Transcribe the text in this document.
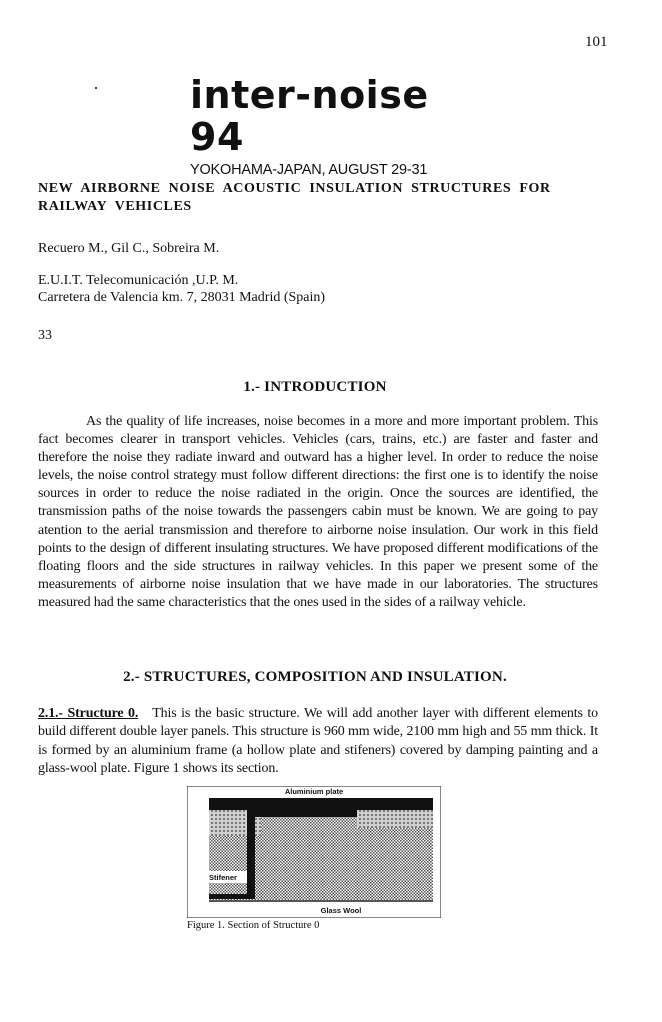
101
inter-noise 94
YOKOHAMA-JAPAN, AUGUST 29-31
NEW AIRBORNE NOISE ACOUSTIC INSULATION STRUCTURES FOR RAILWAY VEHICLES
Recuero M., Gil C., Sobreira M.
E.U.I.T. Telecomunicación ,U.P. M.
Carretera de Valencia km. 7, 28031 Madrid (Spain)
33
1.- INTRODUCTION
As the quality of life increases, noise becomes in a more and more important problem. This fact becomes clearer in transport vehicles. Vehicles (cars, trains, etc.) are faster and faster and therefore the noise they radiate inward and outward has a higher level. In order to reduce the noise levels, the noise control strategy must follow different directions: the first one is to identify the noise sources in order to reduce the noise radiated in the origin. Once the sources are identified, the transmission paths of the noise towards the passengers cabin must be known. We are going to pay atention to the aerial transmission and therefore to airborne noise insulation. Our work in this field points to the design of different insulating structures. We have proposed different modifications of the floating floors and the side structures in railway vehicles. In this paper we present some of the measurements of airborne noise insulation that we have made in our laboratories. The structures measured had the same characteristics that the ones used in the sides of a railway vehicle.
2.- STRUCTURES, COMPOSITION AND INSULATION.
2.1.- Structure 0. This is the basic structure. We will add another layer with different elements to build different double layer panels. This structure is 960 mm wide, 2100 mm high and 55 mm thick. It is formed by an aluminium frame (a hollow plate and stifeners) covered by damping painting and a glass-wool plate. Figure 1 shows its section.
Aluminium plate
Stifener
Glass Wool
Figure 1. Section of Structure 0
